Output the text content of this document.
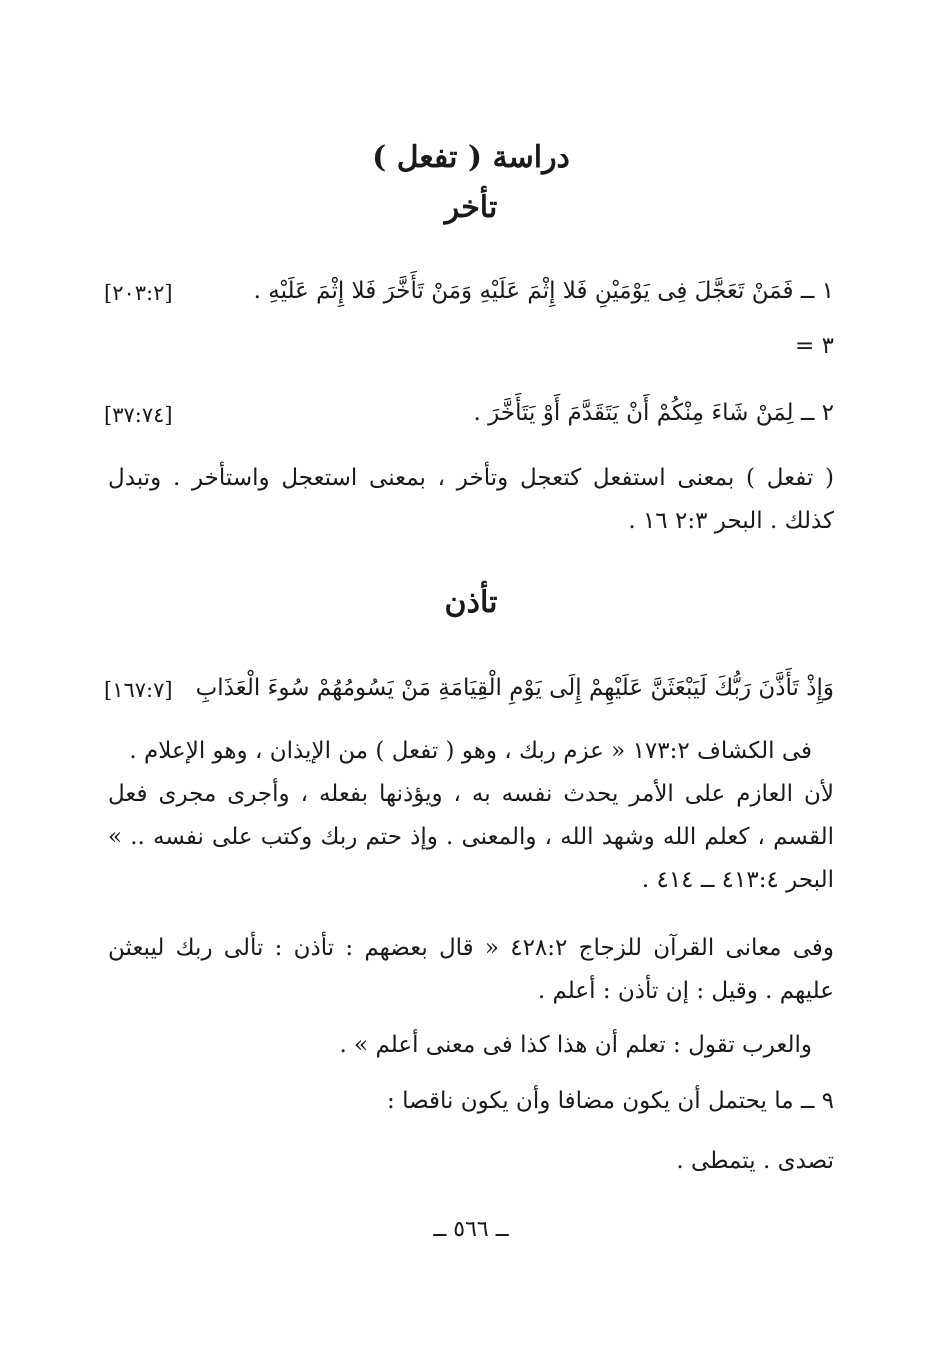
دراسة ( تفعل )
تأخر
١ ــ فَمَنْ تَعَجَّلَ فِى يَوْمَيْنِ فَلا إِثْمَ عَلَيْهِ وَمَنْ تَأَخَّرَ فَلا إِثْمَ عَلَيْهِ .
[٢٠٣:٢]
= ٣
٢ ــ لِمَنْ شَاءَ مِنْكُمْ أَنْ يَتَقَدَّمَ أَوْ يَتَأَخَّرَ .
[٣٧:٧٤]
( تفعل ) بمعنى استفعل كتعجل وتأخر ، بمعنى استعجل واستأخر . وتبدل
كذلك . البحر ٢:٣ ١٦ .
تأذن
وَإِذْ تَأَذَّنَ رَبُّكَ لَيَبْعَثَنَّ عَلَيْهِمْ إِلَى يَوْمِ الْقِيَامَةِ مَنْ يَسُومُهُمْ سُوءَ الْعَذَابِ
[١٦٧:٧]
فى الكشاف ١٧٣:٢ « عزم ربك ، وهو ( تفعل ) من الإيذان ، وهو الإعلام .
لأن العازم على الأمر يحدث نفسه به ، ويؤذنها بفعله ، وأجرى مجرى فعل
القسم ، كعلم الله وشهد الله ، والمعنى . وإذ حتم ربك وكتب على نفسه .. »
البحر ٤١٣:٤ ــ ٤١٤ .
وفى معانى القرآن للزجاج ٤٢٨:٢ « قال بعضهم : تأذن : تألى ربك ليبعثن
عليهم . وقيل : إن تأذن : أعلم .
والعرب تقول : تعلم أن هذا كذا فى معنى أعلم » .
٩ ــ ما يحتمل أن يكون مضافا وأن يكون ناقصا :
تصدى . يتمطى .
ــ ٥٦٦ ــ
